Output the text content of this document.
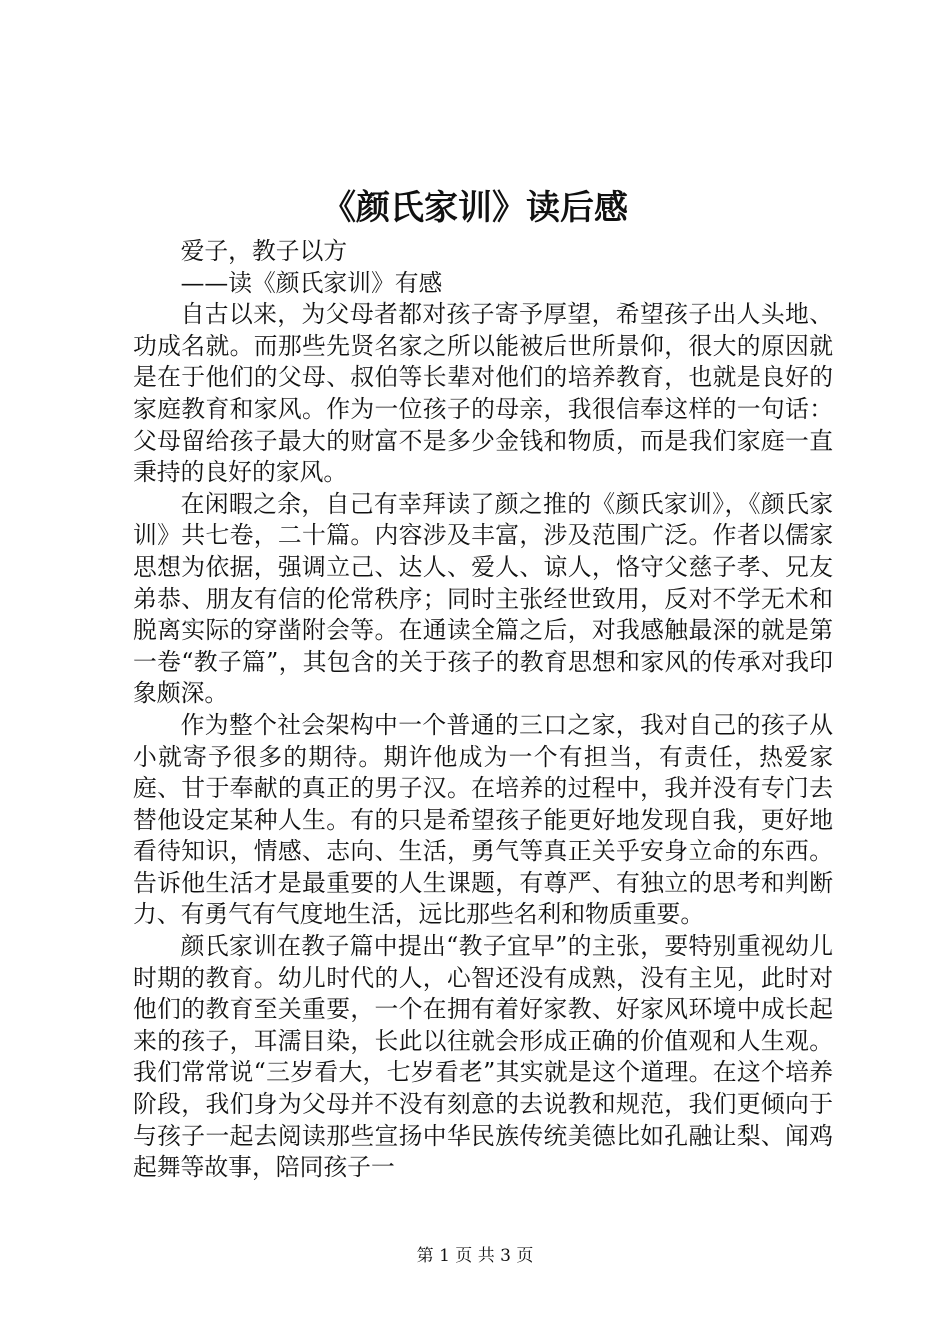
《颜氏家训》读后感

爱子，教子以方

——读《颜氏家训》有感

自古以来，为父母者都对孩子寄予厚望，希望孩子出人头地、功成名就。而那些先贤名家之所以能被后世所景仰，很大的原因就是在于他们的父母、叔伯等长辈对他们的培养教育，也就是良好的家庭教育和家风。作为一位孩子的母亲，我很信奉这样的一句话：父母留给孩子最大的财富不是多少金钱和物质，而是我们家庭一直秉持的良好的家风。

在闲暇之余，自己有幸拜读了颜之推的《颜氏家训》，《颜氏家训》共七卷，二十篇。内容涉及丰富，涉及范围广泛。作者以儒家思想为依据，强调立己、达人、爱人、谅人，恪守父慈子孝、兄友弟恭、朋友有信的伦常秩序；同时主张经世致用，反对不学无术和脱离实际的穿凿附会等。在通读全篇之后，对我感触最深的就是第一卷“教子篇”，其包含的关于孩子的教育思想和家风的传承对我印象颇深。

作为整个社会架构中一个普通的三口之家，我对自己的孩子从小就寄予很多的期待。期许他成为一个有担当，有责任，热爱家庭、甘于奉献的真正的男子汉。在培养的过程中，我并没有专门去替他设定某种人生。有的只是希望孩子能更好地发现自我，更好地看待知识，情感、志向、生活，勇气等真正关乎安身立命的东西。告诉他生活才是最重要的人生课题，有尊严、有独立的思考和判断力、有勇气有气度地生活，远比那些名利和物质重要。

颜氏家训在教子篇中提出“教子宜早”的主张，要特别重视幼儿时期的教育。幼儿时代的人，心智还没有成熟，没有主见，此时对他们的教育至关重要，一个在拥有着好家教、好家风环境中成长起来的孩子，耳濡目染，长此以往就会形成正确的价值观和人生观。我们常常说“三岁看大，七岁看老”其实就是这个道理。在这个培养阶段，我们身为父母并不没有刻意的去说教和规范，我们更倾向于与孩子一起去阅读那些宣扬中华民族传统美德比如孔融让梨、闻鸡起舞等故事，陪同孩子一

第 1 页 共 3 页
